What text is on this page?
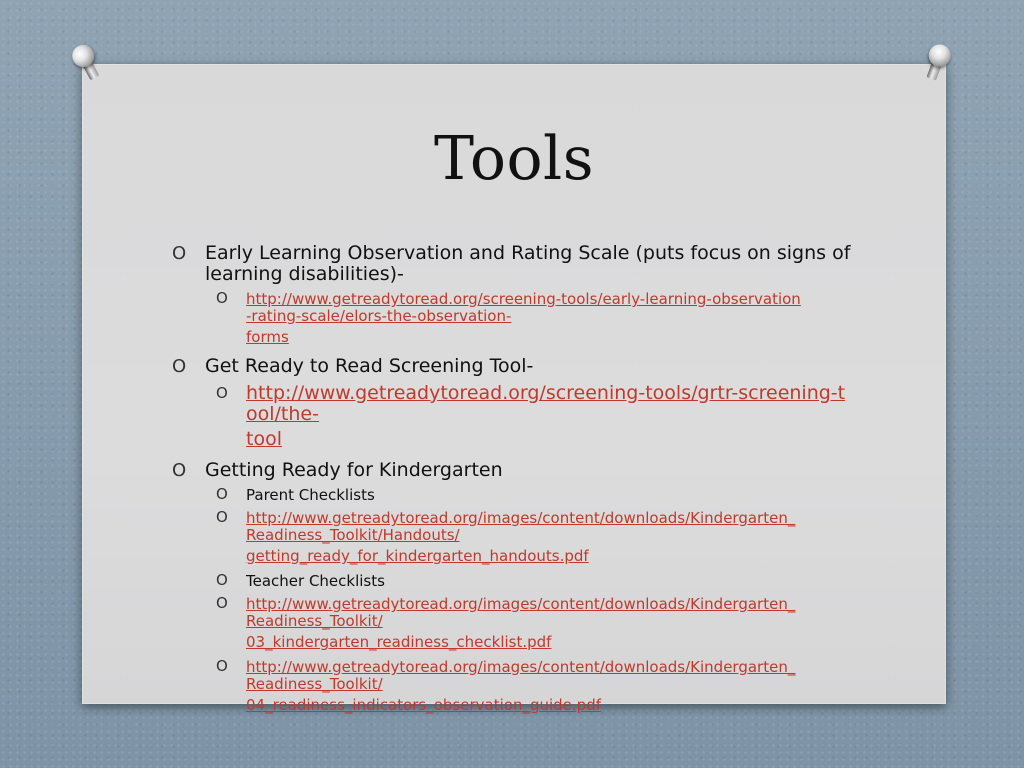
Tools
O Early Learning Observation and Rating Scale (puts focus on signs of
learning disabilities)-
O http://www.getreadytoread.org/screening-tools/early-learning-observation
-rating-scale/elors-the-observation-
forms
O Get Ready to Read Screening Tool-
O http://www.getreadytoread.org/screening-tools/grtr-screening-t
ool/the-
tool
O Getting Ready for Kindergarten
O Parent Checklists
O http://www.getreadytoread.org/images/content/downloads/Kindergarten_
Readiness_Toolkit/Handouts/
getting_ready_for_kindergarten_handouts.pdf
O Teacher Checklists
O http://www.getreadytoread.org/images/content/downloads/Kindergarten_
Readiness_Toolkit/
03_kindergarten_readiness_checklist.pdf
O http://www.getreadytoread.org/images/content/downloads/Kindergarten_
Readiness_Toolkit/
04_readiness_indicators_observation_guide.pdf
